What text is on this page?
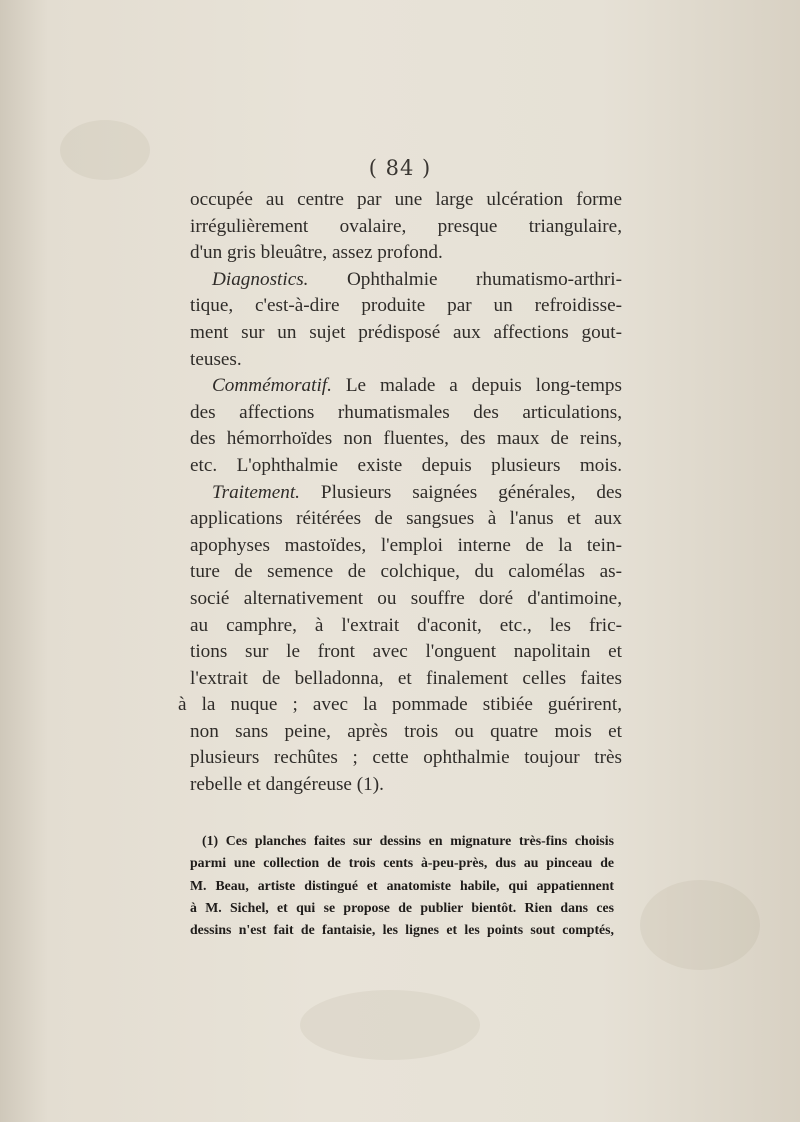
( 84 )
occupée au centre par une large ulcération forme
irrégulièrement ovalaire, presque triangulaire,
d'un gris bleuâtre, assez profond.
Diagnostics. Ophthalmie rhumatismo-arthri-
tique, c'est-à-dire produite par un refroidisse-
ment sur un sujet prédisposé aux affections gout-
teuses.
Commémoratif. Le malade a depuis long-temps
des affections rhumatismales des articulations,
des hémorrhoïdes non fluentes, des maux de reins,
etc. L'ophthalmie existe depuis plusieurs mois.
Traitement. Plusieurs saignées générales, des
applications réitérées de sangsues à l'anus et aux
apophyses mastoïdes, l'emploi interne de la tein-
ture de semence de colchique, du calomélas as-
socié alternativement ou souffre doré d'antimoine,
au camphre, à l'extrait d'aconit, etc., les fric-
tions sur le front avec l'onguent napolitain et
l'extrait de belladonna, et finalement celles faites
à la nuque ; avec la pommade stibiée guérirent,
non sans peine, après trois ou quatre mois et
plusieurs rechûtes ; cette ophthalmie toujour très
rebelle et dangéreuse (1).
(1) Ces planches faites sur dessins en mignature très-fins choisis
parmi une collection de trois cents à-peu-près, dus au pinceau de
M. Beau, artiste distingué et anatomiste habile, qui appatiennent
à M. Sichel, et qui se propose de publier bientôt. Rien dans ces
dessins n'est fait de fantaisie, les lignes et les points sout comptés,
